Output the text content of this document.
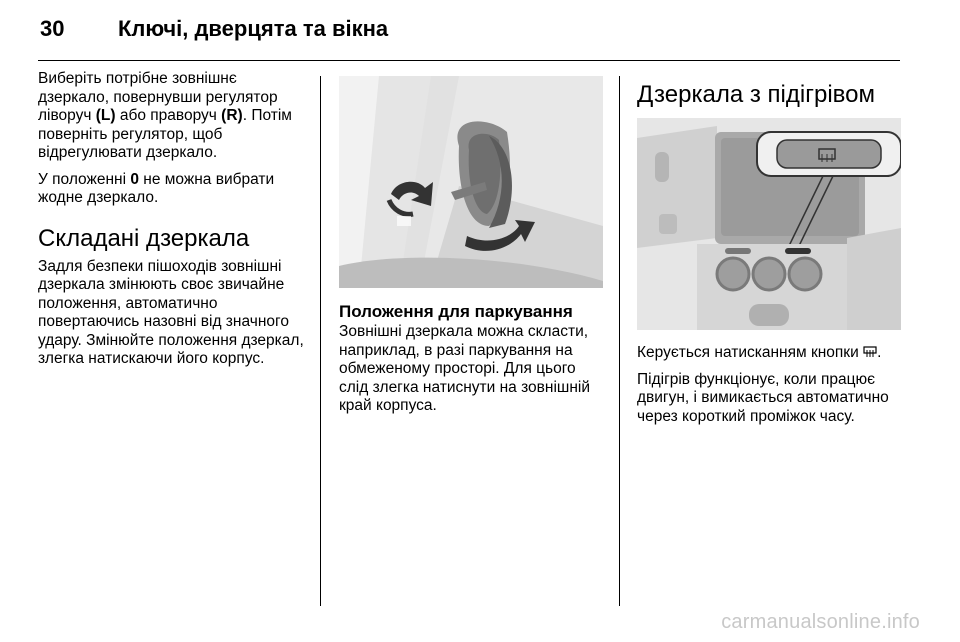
30 Ключі, дверцята та вікна

Виберіть потрібне зовнішнє дзеркало, повернувши регулятор ліворуч (L) або праворуч (R). Потім поверніть регулятор, щоб відрегулювати дзеркало.

У положенні 0 не можна вибрати жодне дзеркало.

Складані дзеркала

Задля безпеки пішоходів зовнішні дзеркала змінюють своє звичайне положення, автоматично повертаючись назовні від значного удару. Змінюйте положення дзеркал, злегка натискаючи його корпус.

Положення для паркування

Зовнішні дзеркала можна скласти, наприклад, в разі паркування на обмеженому просторі. Для цього слід злегка натиснути на зовнішній край корпуса.

Дзеркала з підігрівом

Керується натисканням кнопки .

Підігрів функціонує, коли працює двигун, і вимикається автоматично через короткий проміжок часу.

carmanualsonline.info
